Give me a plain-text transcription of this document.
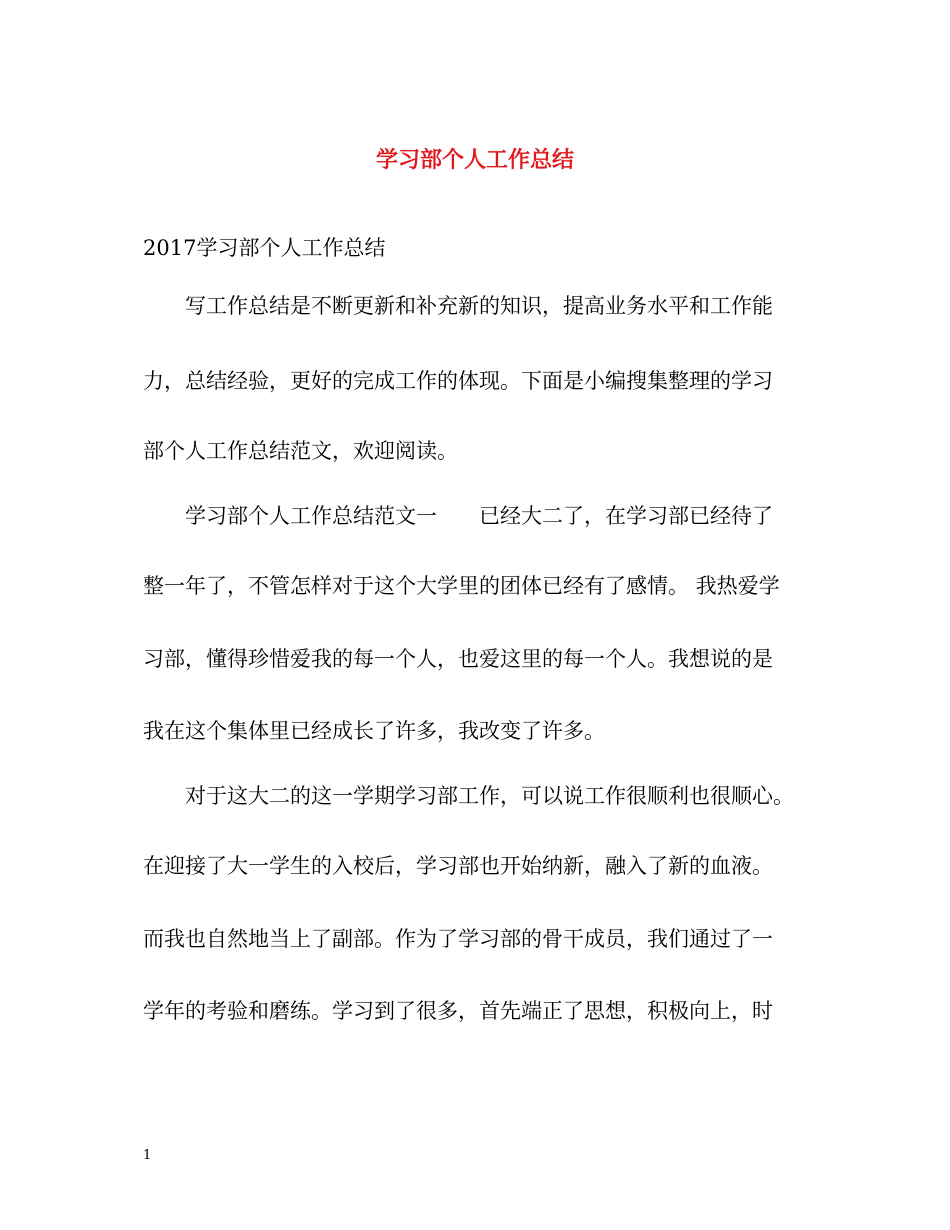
学习部个人工作总结
2017学习部个人工作总结
写工作总结是不断更新和补充新的知识，提高业务水平和工作能
力，总结经验，更好的完成工作的体现。下面是小编搜集整理的学习
部个人工作总结范文，欢迎阅读。
学习部个人工作总结范文一　　已经大二了，在学习部已经待了
整一年了，不管怎样对于这个大学里的团体已经有了感情。 我热爱学
习部，懂得珍惜爱我的每一个人，也爱这里的每一个人。我想说的是
我在这个集体里已经成长了许多，我改变了许多。
对于这大二的这一学期学习部工作，可以说工作很顺利也很顺心。
在迎接了大一学生的入校后，学习部也开始纳新，融入了新的血液。
而我也自然地当上了副部。作为了学习部的骨干成员，我们通过了一
学年的考验和磨练。学习到了很多，首先端正了思想，积极向上，时
1
